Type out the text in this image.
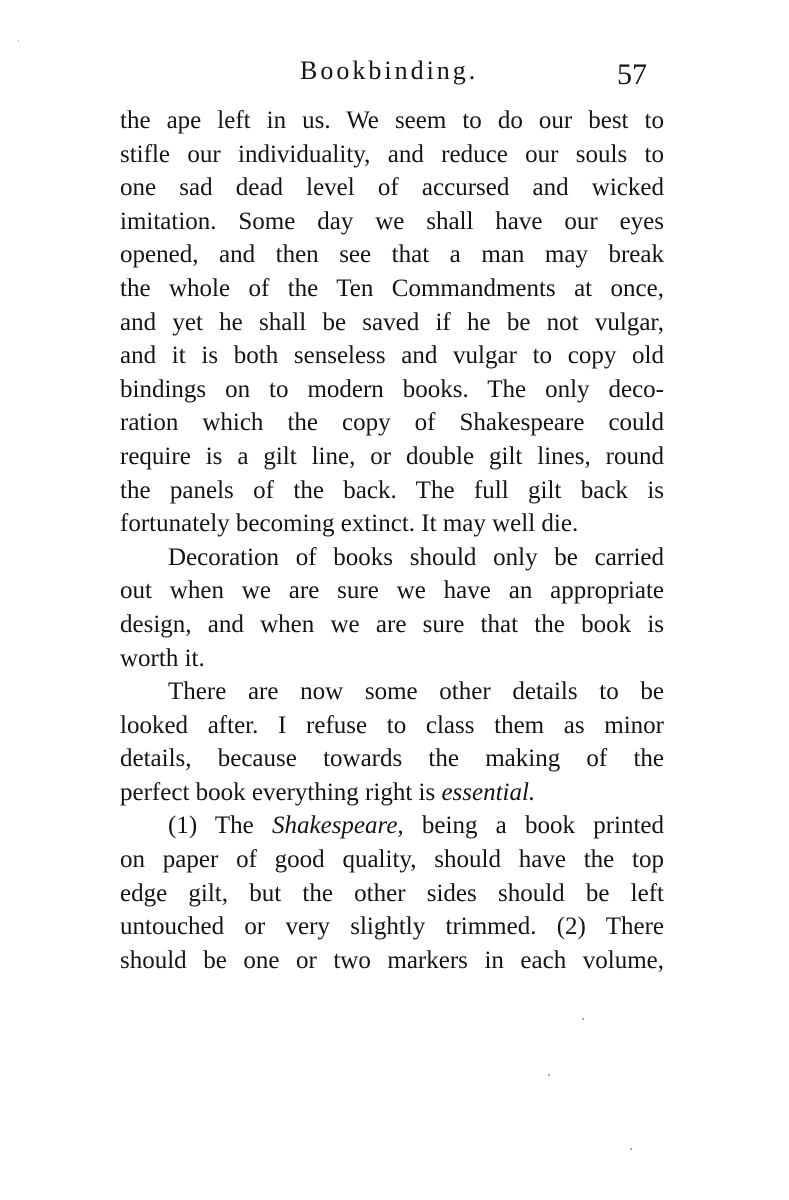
Bookbinding.	57
the ape left in us. We seem to do our best to
stifle our individuality, and reduce our souls to
one sad dead level of accursed and wicked
imitation. Some day we shall have our eyes
opened, and then see that a man may break
the whole of the Ten Commandments at once,
and yet he shall be saved if he be not vulgar,
and it is both senseless and vulgar to copy old
bindings on to modern books. The only deco-
ration which the copy of Shakespeare could
require is a gilt line, or double gilt lines, round
the panels of the back. The full gilt back is
fortunately becoming extinct. It may well die.
Decoration of books should only be carried
out when we are sure we have an appropriate
design, and when we are sure that the book is
worth it.
There are now some other details to be
looked after. I refuse to class them as minor
details, because towards the making of the
perfect book everything right is essential.
(1) The Shakespeare, being a book printed
on paper of good quality, should have the top
edge gilt, but the other sides should be left
untouched or very slightly trimmed. (2) There
should be one or two markers in each volume,
